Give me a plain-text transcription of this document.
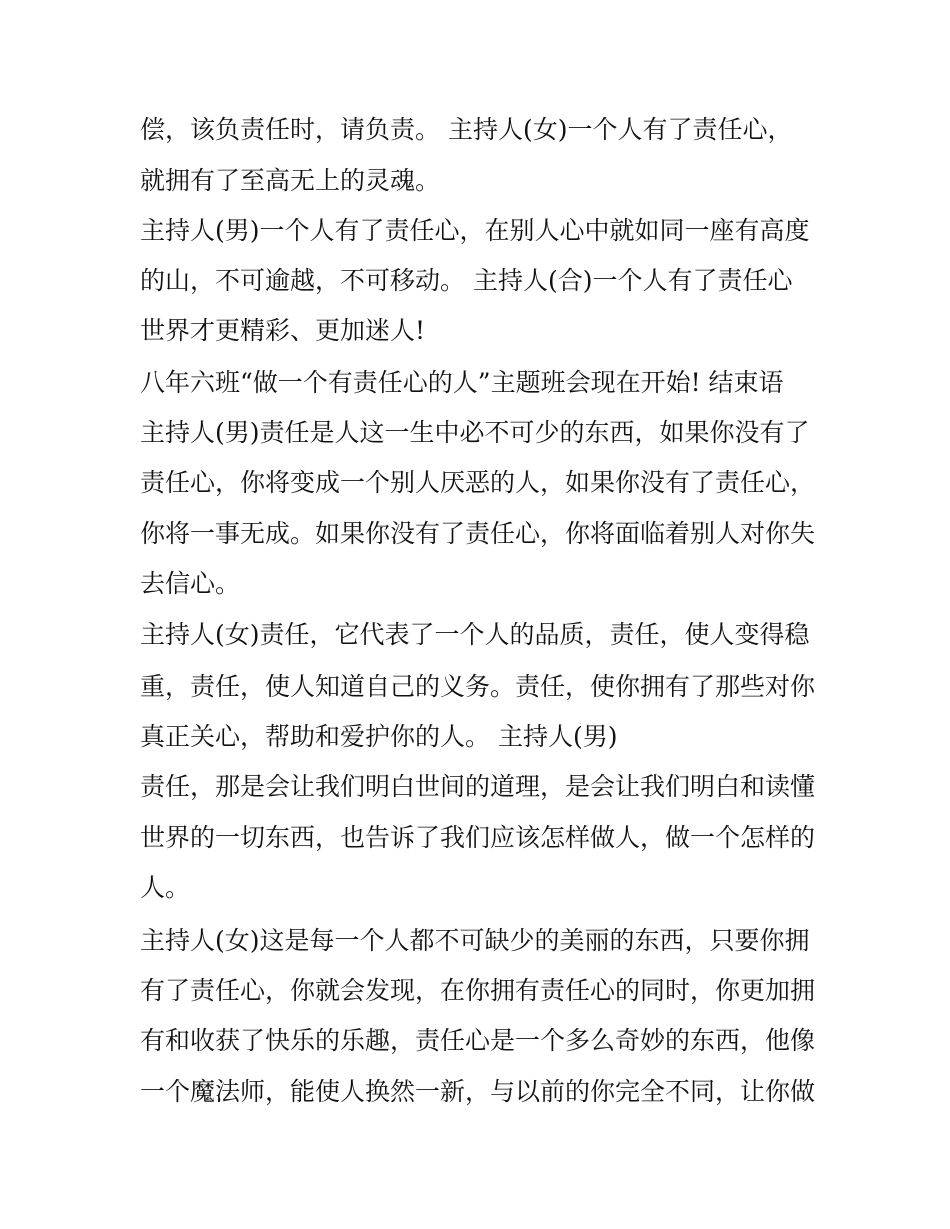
偿，该负责任时，请负责。 主持人(女)一个人有了责任心，
就拥有了至高无上的灵魂。
主持人(男)一个人有了责任心，在别人心中就如同一座有高度
的山，不可逾越，不可移动。 主持人(合)一个人有了责任心
世界才更精彩、更加迷人!
八年六班“做一个有责任心的人”主题班会现在开始! 结束语
主持人(男)责任是人这一生中必不可少的东西，如果你没有了
责任心，你将变成一个别人厌恶的人，如果你没有了责任心，
你将一事无成。如果你没有了责任心，你将面临着别人对你失
去信心。
主持人(女)责任，它代表了一个人的品质，责任，使人变得稳
重，责任，使人知道自己的义务。责任，使你拥有了那些对你
真正关心，帮助和爱护你的人。 主持人(男)
责任，那是会让我们明白世间的道理，是会让我们明白和读懂
世界的一切东西，也告诉了我们应该怎样做人，做一个怎样的
人。
主持人(女)这是每一个人都不可缺少的美丽的东西，只要你拥
有了责任心，你就会发现，在你拥有责任心的同时，你更加拥
有和收获了快乐的乐趣，责任心是一个多么奇妙的东西，他像
一个魔法师，能使人换然一新，与以前的你完全不同，让你做
